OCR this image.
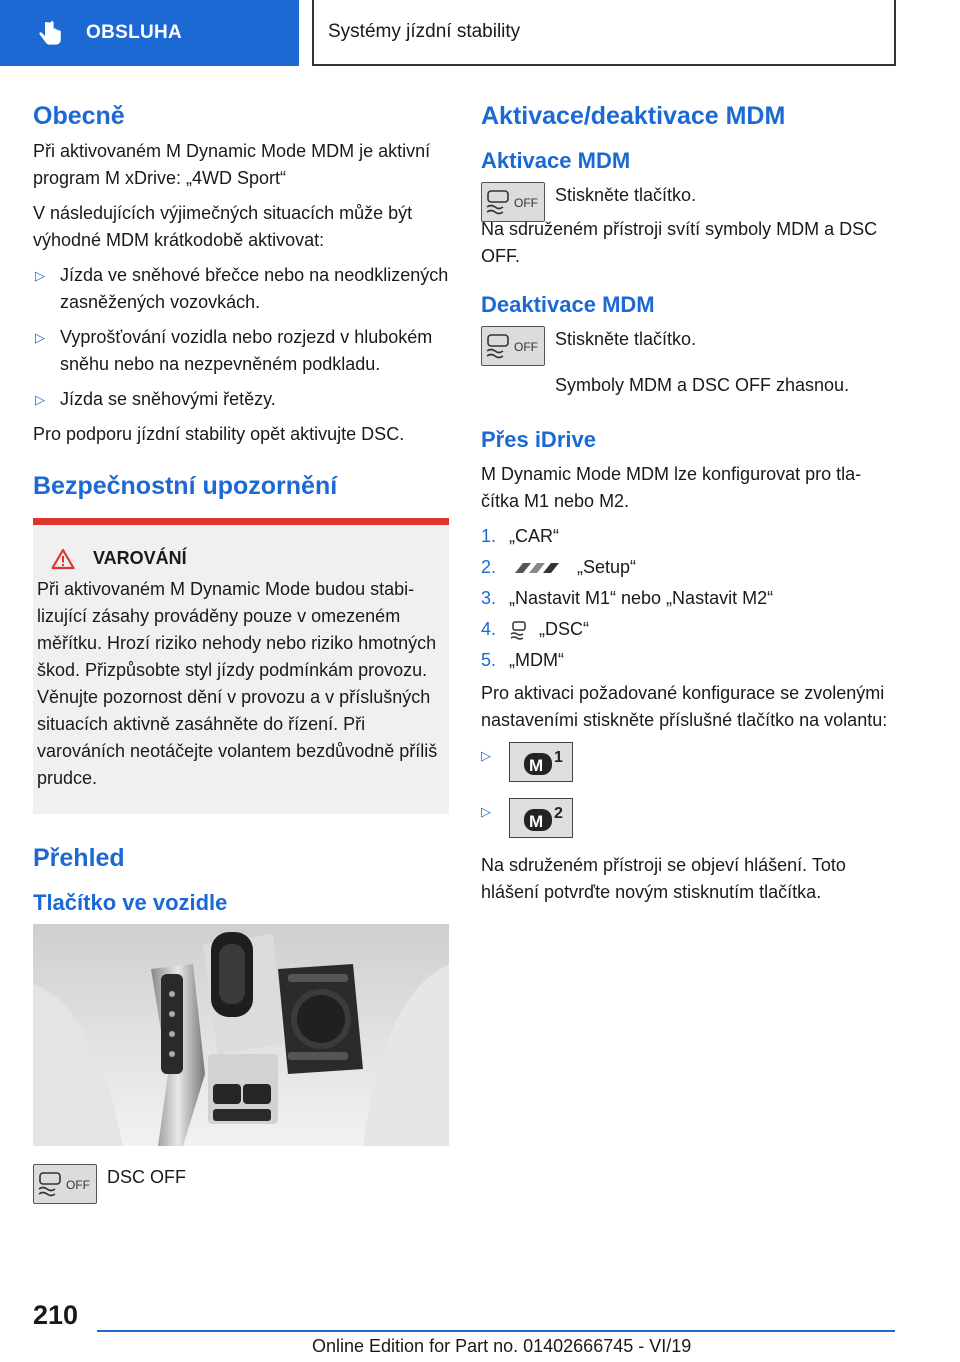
OBSLUHA	Systémy jízdní stability
Obecně

Při aktivovaném M Dynamic Mode MDM je aktivní program M xDrive: „4WD Sport“

V následujících výjimečných situacích může být výhodné MDM krátkodobě aktivovat:

▷ Jízda ve sněhové břečce nebo na neodklizených zasněžených vozovkách.
▷ Vyprošťování vozidla nebo rozjezd v hlubokém sněhu nebo na nezpevněném podkladu.
▷ Jízda se sněhovými řetězy.

Pro podporu jízdní stability opět aktivujte DSC.

Bezpečnostní upozornění
VAROVÁNÍ

Při aktivovaném M Dynamic Mode budou stabilizující zásahy prováděny pouze v omezeném měřítku. Hrozí riziko nehody nebo riziko hmotných škod. Přizpůsobte styl jízdy podmínkám provozu. Věnujte pozornost dění v provozu a v příslušných situacích aktivně zasáhněte do řízení. Při varováních neotáčejte volantem bezdůvodně příliš prudce.

Přehled
Tlačítko ve vozidle
OFF DSC OFF
Aktivace/deaktivace MDM
Aktivace MDM
OFF Stiskněte tlačítko.

Na sdruženém přístroji svítí symboly MDM a DSC OFF.

Deaktivace MDM
OFF Stiskněte tlačítko.

Symboly MDM a DSC OFF zhasnou.

Přes iDrive

M Dynamic Mode MDM lze konfigurovat pro tlačítka M1 nebo M2.

1. „CAR“
2.	„Setup“
3. „Nastavit M1“ nebo „Nastavit M2“
4.	„DSC“
5. „MDM“

Pro aktivaci požadované konfigurace se zvolenými nastaveními stiskněte příslušné tlačítko na volantu:

▷
M 1
▷
M 2

Na sdruženém přístroji se objeví hlášení. Toto hlášení potvrďte novým stisknutím tlačítka.

210
Online Edition for Part no. 01402666745 - VI/19
